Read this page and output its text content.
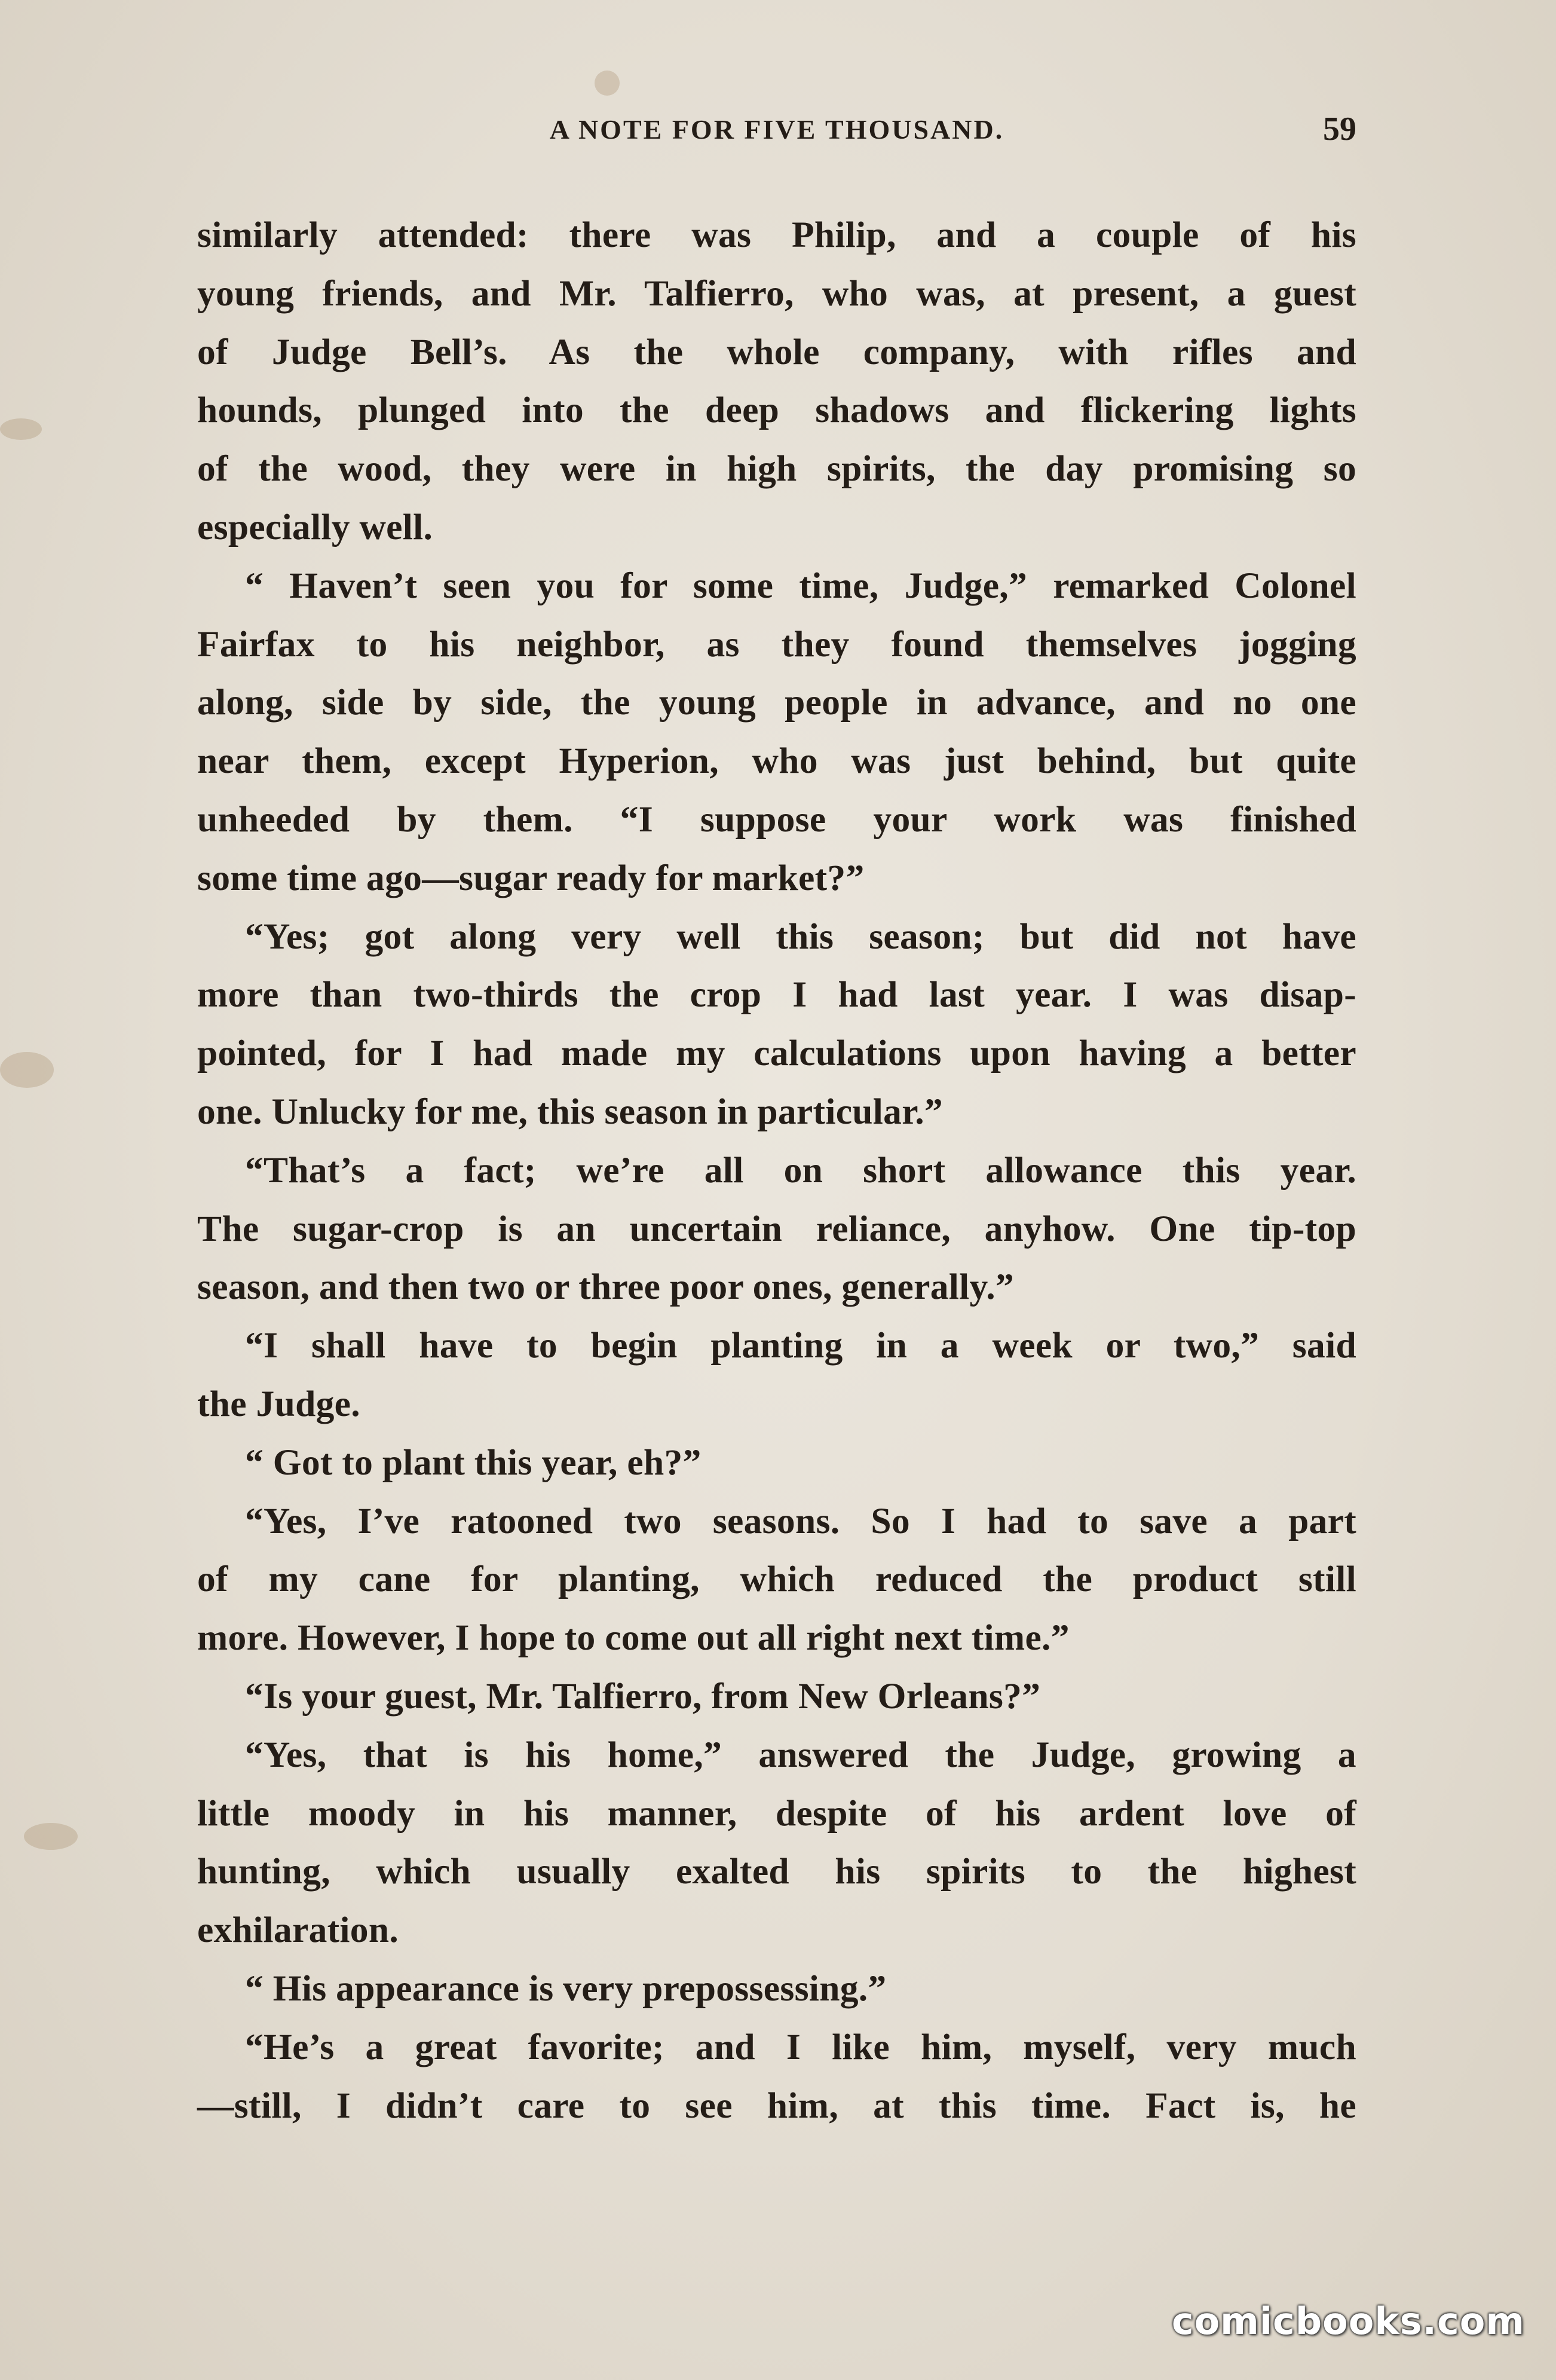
A NOTE FOR FIVE THOUSAND.	59
similarly attended: there was Philip, and a couple of his
young friends, and Mr. Talfierro, who was, at present, a guest
of Judge Bell’s. As the whole company, with rifles and
hounds, plunged into the deep shadows and flickering lights
of the wood, they were in high spirits, the day promising so
especially well.
“ Haven’t seen you for some time, Judge,” remarked Colonel
Fairfax to his neighbor, as they found themselves jogging
along, side by side, the young people in advance, and no one
near them, except Hyperion, who was just behind, but quite
unheeded by them. “I suppose your work was finished
some time ago—sugar ready for market?”
“Yes; got along very well this season; but did not have
more than two-thirds the crop I had last year. I was disap-
pointed, for I had made my calculations upon having a better
one. Unlucky for me, this season in particular.”
“That’s a fact; we’re all on short allowance this year.
The sugar-crop is an uncertain reliance, anyhow. One tip-top
season, and then two or three poor ones, generally.”
“I shall have to begin planting in a week or two,” said
the Judge.
“ Got to plant this year, eh?”
“Yes, I’ve ratooned two seasons. So I had to save a part
of my cane for planting, which reduced the product still
more. However, I hope to come out all right next time.”
“Is your guest, Mr. Talfierro, from New Orleans?”
“Yes, that is his home,” answered the Judge, growing a
little moody in his manner, despite of his ardent love of
hunting, which usually exalted his spirits to the highest
exhilaration.
“ His appearance is very prepossessing.”
“He’s a great favorite; and I like him, myself, very much
—still, I didn’t care to see him, at this time. Fact is, he
comicbooks.com
